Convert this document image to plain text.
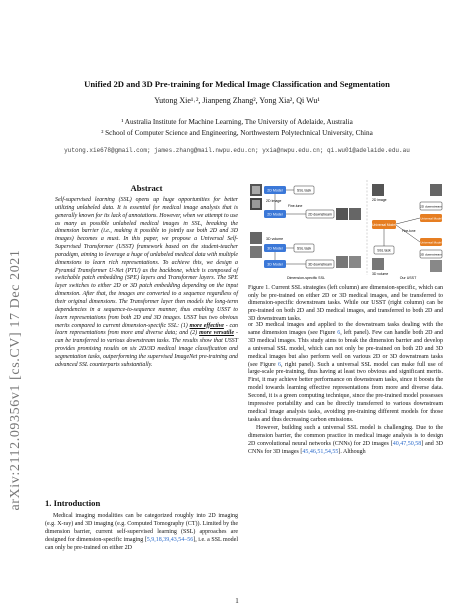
arXiv:2112.09356v1 [cs.CV] 17 Dec 2021
Unified 2D and 3D Pre-training for Medical Image Classification and Segmentation
Yutong Xie¹˒², Jianpeng Zhang², Yong Xia², Qi Wu¹
¹ Australia Institute for Machine Learning, The University of Adelaide, Australia
² School of Computer Science and Engineering, Northwestern Polytechnical University, China
yutong.xie678@gmail.com; james.zhang@mail.nwpu.edu.cn; yxia@nwpu.edu.cn; qi.wu01@adelaide.edu.au
Abstract
Self-supervised learning (SSL) opens up huge opportunities for better utilizing unlabeled data. It is essential for medical image analysis that is generally known for its lack of annotations. However, when we attempt to use as many as possible unlabeled medical images in SSL, breaking the dimension barrier (i.e., making it possible to jointly use both 2D and 3D images) becomes a must. In this paper, we propose a Universal Self-Supervised Transformer (USST) framework based on the student-teacher paradigm, aiming to leverage a huge of unlabeled medical data with multiple dimensions to learn rich representations. To achieve this, we design a Pyramid Transformer U-Net (PTU) as the backbone, which is composed of switchable patch embedding (SPE) layers and Transformer layers. The SPE layer switches to either 2D or 3D patch embedding depending on the input dimension. After that, the images are converted to a sequence regardless of their original dimensions. The Transformer layer then models the long-term dependencies in a sequence-to-sequence manner, thus enabling USST to learn representations from both 2D and 3D images. USST has two obvious merits compared to current dimension-specific SSL: (1) more effective - can learn representations from more and diverse data; and (2) more versatile - can be transferred to various downstream tasks. The results show that USST provides promising results on six 2D/3D medical image classification and segmentation tasks, outperforming the supervised ImageNet pre-training and advanced SSL counterparts substantially.
1. Introduction
Medical imaging modalities can be categorized roughly into 2D imaging (e.g. X-ray) and 3D imaging (e.g. Computed Tomography (CT)). Limited by the dimension barrier, current self-supervised learning (SSL) approaches are designed for dimension-specific imaging [5,9,18,39,43,54–56], i.e. a SSL model can only be pre-trained on either 2D
2D Model	SSL task
2D image
Fine-tune
2D Model	2D downstream
3D volume
3D Model	SSL task
3D Model	3D downstream
Dimension-specific SSL
2D image
2D downstream
Universal Model
Universal Model
Fine-tune
SSL task
Universal Model
3D downstream
3D volume
Our USST
Figure 1. Current SSL strategies (left column) are dimension-specific, which can only be pre-trained on either 2D or 3D medical images, and be transferred to dimension-specific downstream tasks. While our USST (right column) can be pre-trained on both 2D and 3D medical images, and transferred to both 2D and 3D downstream tasks.
or 3D medical images and applied to the downstream tasks dealing with the same dimension images (see Figure 6, left panel). Few can handle both 2D and 3D medical images. This study aims to break the dimension barrier and develop a universal SSL model, which can not only be pre-trained on both 2D and 3D medical images but also perform well on various 2D or 3D downstream tasks (see Figure 6, right panel). Such a universal SSL model can make full use of large-scale pre-training, thus having at least two obvious and significant merits. First, it may achieve better performance on downstream tasks, since it boosts the model towards learning effective representations from more and diverse data. Second, it is a green computing technique, since the pre-trained model possesses impressive portability and can be directly transferred to various downstream medical image analysis tasks, avoiding pre-training different models for those tasks and thus decreasing carbon emissions.
However, building such a universal SSL model is challenging. Due to the dimension barrier, the common practice in medical image analysis is to design 2D convolutional neural networks (CNNs) for 2D images [40,47,50,58] and 3D CNNs for 3D images [45,46,51,54,55]. Although
1
